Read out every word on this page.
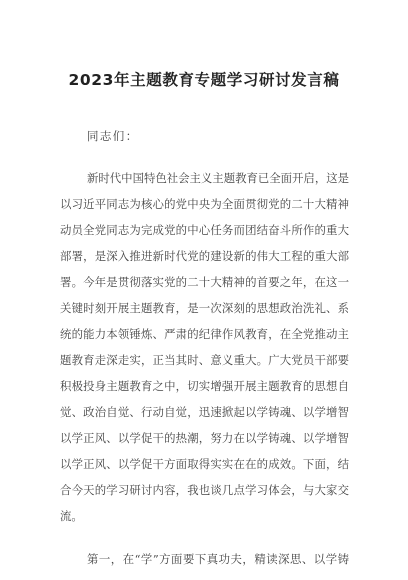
2023年主题教育专题学习研讨发言稿
同志们：
新时代中国特色社会主义主题教育已全面开启，这是
以习近平同志为核心的党中央为全面贯彻党的二十大精神
动员全党同志为完成党的中心任务而团结奋斗所作的重大
部署，是深入推进新时代党的建设新的伟大工程的重大部
署。今年是贯彻落实党的二十大精神的首要之年，在这一
关键时刻开展主题教育，是一次深刻的思想政治洗礼、系
统的能力本领锤炼、严肃的纪律作风教育，在全党推动主
题教育走深走实，正当其时、意义重大。广大党员干部要
积极投身主题教育之中，切实增强开展主题教育的思想自
觉、政治自觉、行动自觉，迅速掀起以学铸魂、以学增智
以学正风、以学促干的热潮，努力在以学铸魂、以学增智
以学正风、以学促干方面取得实实在在的成效。下面，结
合今天的学习研讨内容，我也谈几点学习体会，与大家交
流。
第一，在“学”方面要下真功夫，精读深思、以学铸
